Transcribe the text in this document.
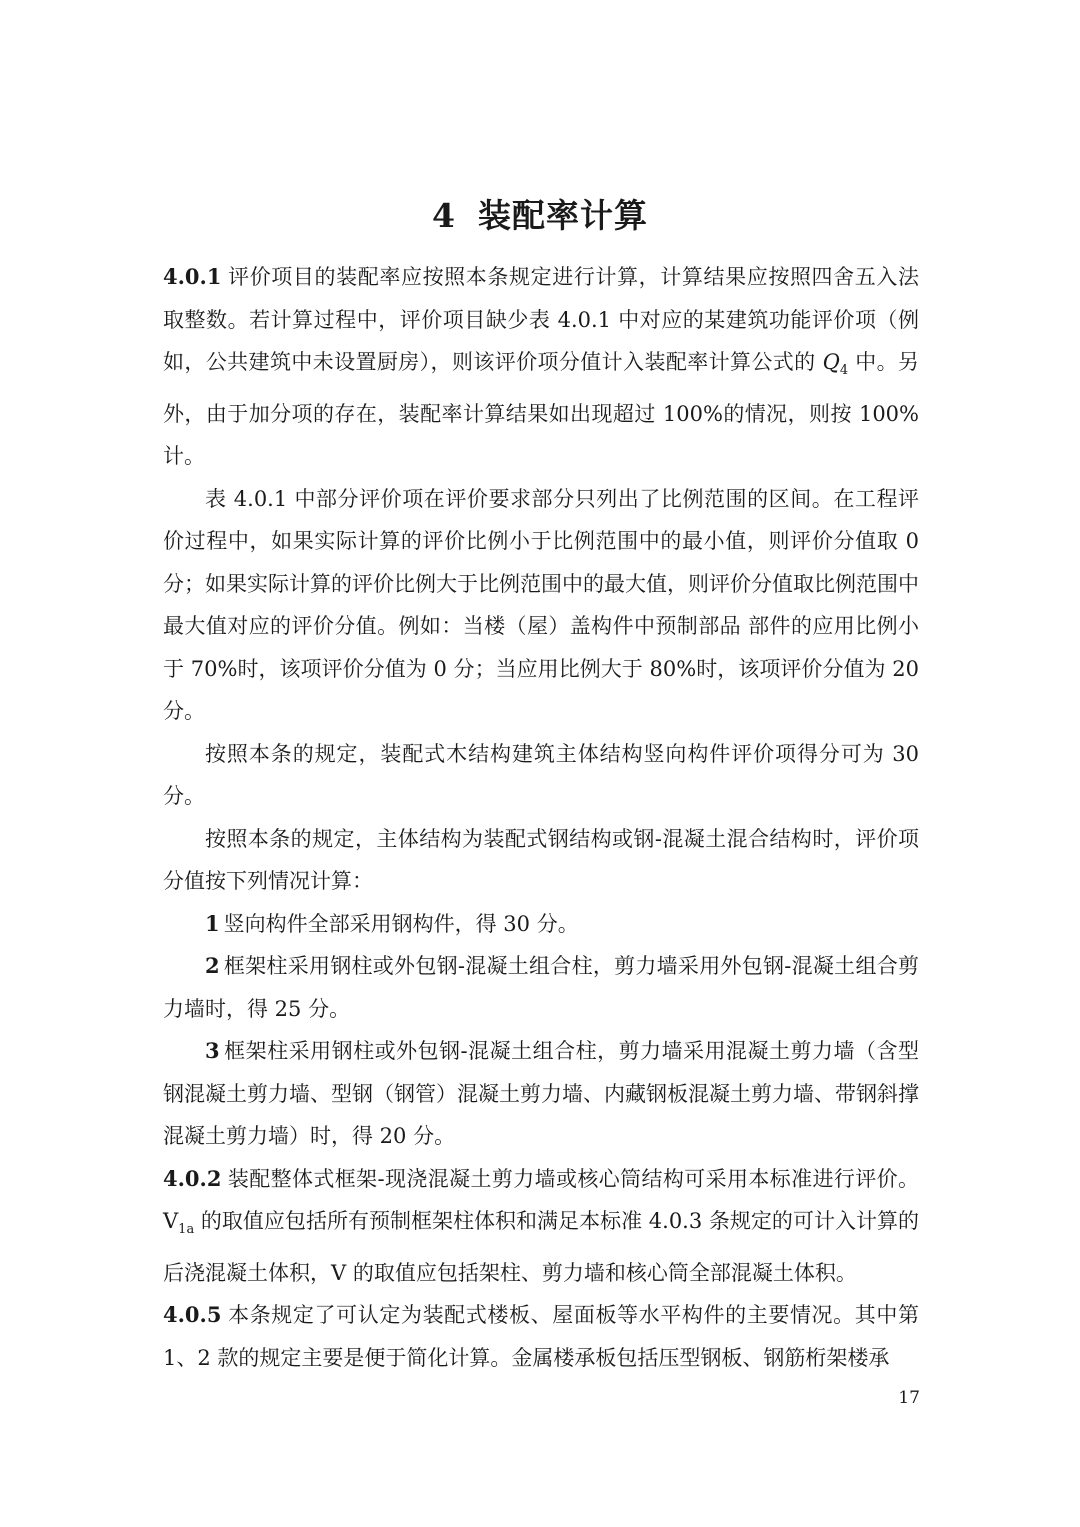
4 装配率计算

4.0.1 评价项目的装配率应按照本条规定进行计算，计算结果应按照四舍五入法取整数。若计算过程中，评价项目缺少表 4.0.1 中对应的某建筑功能评价项（例如，公共建筑中未设置厨房），则该评价项分值计入装配率计算公式的 $Q_4$ 中。另外，由于加分项的存在，装配率计算结果如出现超过 100%的情况，则按 100%计。

表 4.0.1 中部分评价项在评价要求部分只列出了比例范围的区间。在工程评价过程中，如果实际计算的评价比例小于比例范围中的最小值，则评价分值取 0 分；如果实际计算的评价比例大于比例范围中的最大值，则评价分值取比例范围中最大值对应的评价分值。例如：当楼（屋）盖构件中预制部品 部件的应用比例小于 70%时，该项评价分值为 0 分；当应用比例大于 80%时，该项评价分值为 20 分。

按照本条的规定，装配式木结构建筑主体结构竖向构件评价项得分可为 30 分。

按照本条的规定，主体结构为装配式钢结构或钢-混凝土混合结构时，评价项分值按下列情况计算：

1 竖向构件全部采用钢构件，得 30 分。

2 框架柱采用钢柱或外包钢-混凝土组合柱，剪力墙采用外包钢-混凝土组合剪力墙时，得 25 分。

3 框架柱采用钢柱或外包钢-混凝土组合柱，剪力墙采用混凝土剪力墙（含型钢混凝土剪力墙、型钢（钢管）混凝土剪力墙、内藏钢板混凝土剪力墙、带钢斜撑混凝土剪力墙）时，得 20 分。

4.0.2 装配整体式框架-现浇混凝土剪力墙或核心筒结构可采用本标准进行评价。$V_{1a}$ 的取值应包括所有预制框架柱体积和满足本标准 4.0.3 条规定的可计入计算的后浇混凝土体积，V 的取值应包括架柱、剪力墙和核心筒全部混凝土体积。

4.0.5 本条规定了可认定为装配式楼板、屋面板等水平构件的主要情况。其中第 1、2 款的规定主要是便于简化计算。金属楼承板包括压型钢板、钢筋桁架楼承

17
